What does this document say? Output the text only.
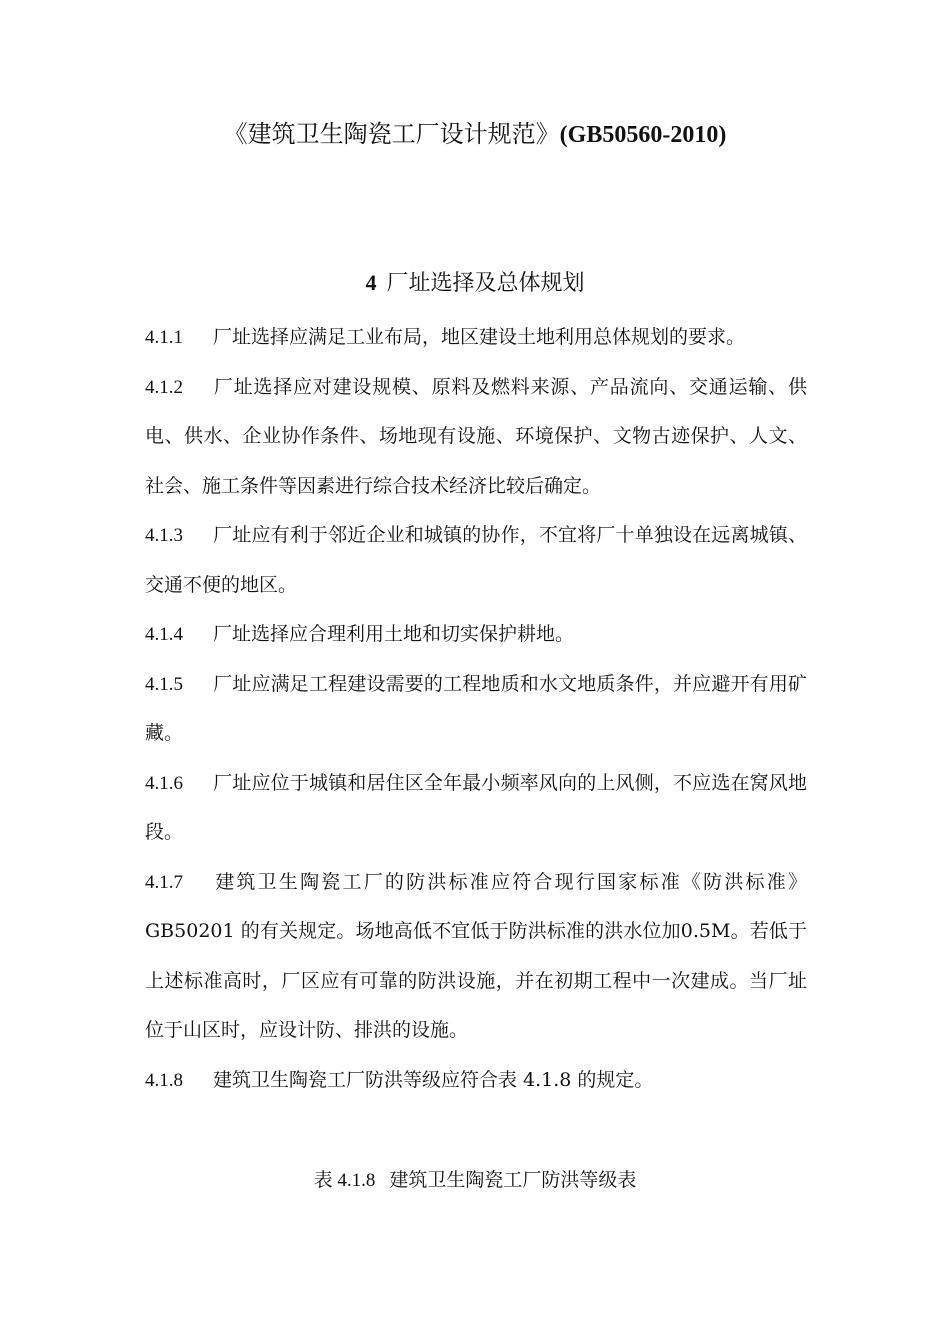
《建筑卫生陶瓷工厂设计规范》(GB50560-2010)
4 厂址选择及总体规划

4.1.1 厂址选择应满足工业布局，地区建设土地利用总体规划的要求。

4.1.2 厂址选择应对建设规模、原料及燃料来源、产品流向、交通运输、供电、供水、企业协作条件、场地现有设施、环境保护、文物古迹保护、人文、社会、施工条件等因素进行综合技术经济比较后确定。

4.1.3 厂址应有利于邻近企业和城镇的协作，不宜将厂十单独设在远离城镇、交通不便的地区。

4.1.4 厂址选择应合理利用土地和切实保护耕地。

4.1.5 厂址应满足工程建设需要的工程地质和水文地质条件，并应避开有用矿藏。

4.1.6 厂址应位于城镇和居住区全年最小频率风向的上风侧，不应选在窝风地段。

4.1.7 建筑卫生陶瓷工厂的防洪标准应符合现行国家标准《防洪标准》GB50201 的有关规定。场地高低不宜低于防洪标准的洪水位加0.5M。若低于上述标准高时，厂区应有可靠的防洪设施，并在初期工程中一次建成。当厂址位于山区时，应设计防、排洪的设施。

4.1.8 建筑卫生陶瓷工厂防洪等级应符合表 4.1.8 的规定。

表 4.1.8 建筑卫生陶瓷工厂防洪等级表
